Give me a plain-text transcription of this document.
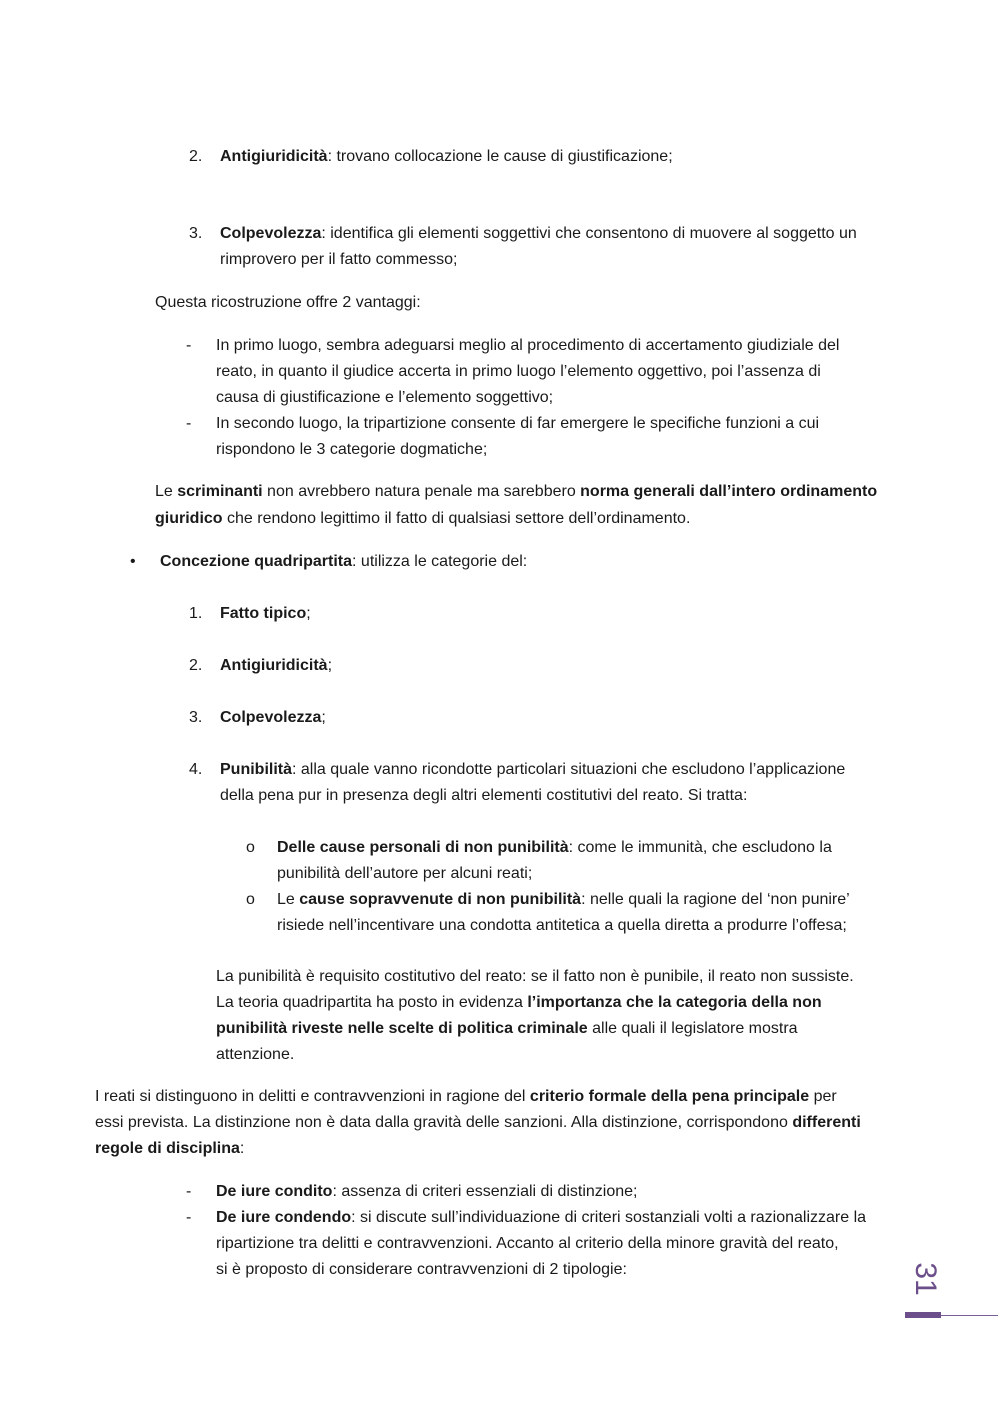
2. Antigiuridicità: trovano collocazione le cause di giustificazione;
3. Colpevolezza: identifica gli elementi soggettivi che consentono di muovere al soggetto un
rimprovero per il fatto commesso;
Questa ricostruzione offre 2 vantaggi:
- In primo luogo, sembra adeguarsi meglio al procedimento di accertamento giudiziale del
reato, in quanto il giudice accerta in primo luogo l’elemento oggettivo, poi l’assenza di
causa di giustificazione e l’elemento soggettivo;
- In secondo luogo, la tripartizione consente di far emergere le specifiche funzioni a cui
rispondono le 3 categorie dogmatiche;
Le scriminanti non avrebbero natura penale ma sarebbero norma generali dall’intero ordinamento
giuridico che rendono legittimo il fatto di qualsiasi settore dell’ordinamento.
• Concezione quadripartita: utilizza le categorie del:
1. Fatto tipico;
2. Antigiuridicità;
3. Colpevolezza;
4. Punibilità: alla quale vanno ricondotte particolari situazioni che escludono l’applicazione
della pena pur in presenza degli altri elementi costitutivi del reato. Si tratta:
o Delle cause personali di non punibilità: come le immunità, che escludono la
punibilità dell’autore per alcuni reati;
o Le cause sopravvenute di non punibilità: nelle quali la ragione del ‘non punire’
risiede nell’incentivare una condotta antitetica a quella diretta a produrre l’offesa;
La punibilità è requisito costitutivo del reato: se il fatto non è punibile, il reato non sussiste.
La teoria quadripartita ha posto in evidenza l’importanza che la categoria della non
punibilità riveste nelle scelte di politica criminale alle quali il legislatore mostra
attenzione.
I reati si distinguono in delitti e contravvenzioni in ragione del criterio formale della pena principale per
essi prevista. La distinzione non è data dalla gravità delle sanzioni. Alla distinzione, corrispondono differenti
regole di disciplina:
- De iure condito: assenza di criteri essenziali di distinzione;
- De iure condendo: si discute sull’individuazione di criteri sostanziali volti a razionalizzare la
ripartizione tra delitti e contravvenzioni. Accanto al criterio della minore gravità del reato,
si è proposto di considerare contravvenzioni di 2 tipologie:	31
